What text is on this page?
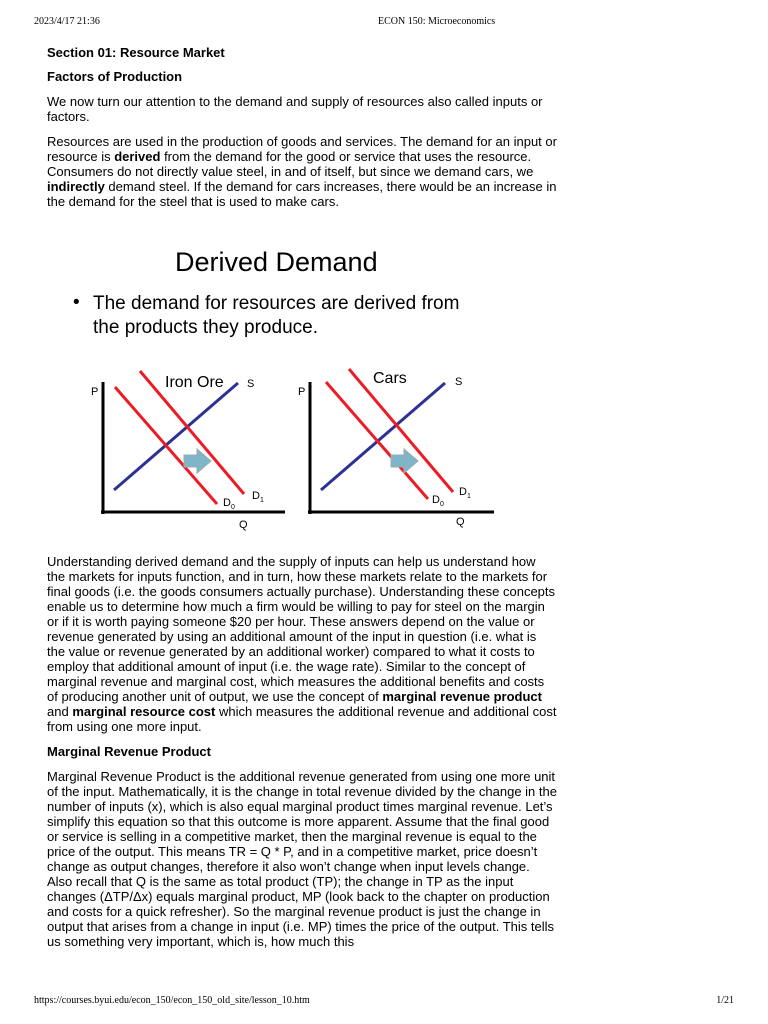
2023/4/17 21:36	ECON 150: Microeconomics

Section 01: Resource Market

Factors of Production

We now turn our attention to the demand and supply of resources also called inputs or factors.

Resources are used in the production of goods and services. The demand for an input or resource is derived from the demand for the good or service that uses the resource. Consumers do not directly value steel, in and of itself, but since we demand cars, we indirectly demand steel. If the demand for cars increases, there would be an increase in the demand for the steel that is used to make cars.

Understanding derived demand and the supply of inputs can help us understand how the markets for inputs function, and in turn, how these markets relate to the markets for final goods (i.e. the goods consumers actually purchase). Understanding these concepts enable us to determine how much a firm would be willing to pay for steel on the margin or if it is worth paying someone $20 per hour. These answers depend on the value or revenue generated by using an additional amount of the input in question (i.e. what is the value or revenue generated by an additional worker) compared to what it costs to employ that additional amount of input (i.e. the wage rate). Similar to the concept of marginal revenue and marginal cost, which measures the additional benefits and costs of producing another unit of output, we use the concept of marginal revenue product and marginal resource cost which measures the additional revenue and additional cost from using one more input.

Marginal Revenue Product

Marginal Revenue Product is the additional revenue generated from using one more unit of the input. Mathematically, it is the change in total revenue divided by the change in the number of inputs (x), which is also equal marginal product times marginal revenue. Let’s simplify this equation so that this outcome is more apparent. Assume that the final good or service is selling in a competitive market, then the marginal revenue is equal to the price of the output. This means TR = Q * P, and in a competitive market, price doesn’t change as output changes, therefore it also won’t change when input levels change. Also recall that Q is the same as total product (TP); the change in TP as the input changes (ΔTP/Δx) equals marginal product, MP (look back to the chapter on production and costs for a quick refresher). So the marginal revenue product is just the change in output that arises from a change in input (i.e. MP) times the price of the output. This tells us something very important, which is, how much this

Derived Demand
• The demand for resources are derived from the products they produce.
Iron Ore
P
S
$D_0$
$D_1$
Q
Cars
P
S
$D_0$
$D_1$
Q
https://courses.byui.edu/econ_150/econ_150_old_site/lesson_10.htm	1/21
